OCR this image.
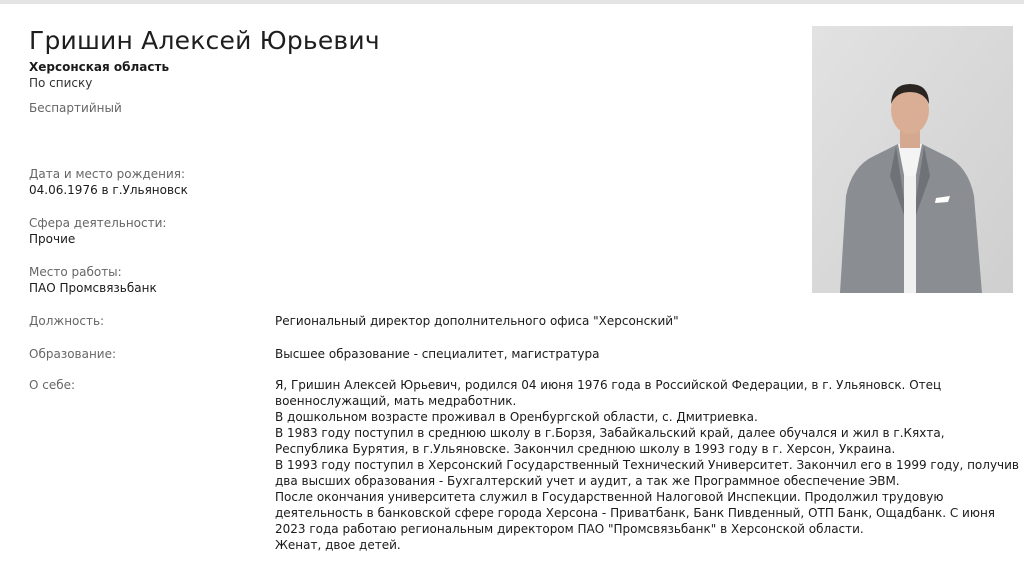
Гришин Алексей Юрьевич
Херсонская область
По списку
Беспартийный
Дата и место рождения:
04.06.1976 в г.Ульяновск
Сфера деятельности:
Прочие
Место работы:
ПАО Промсвязьбанк
Должность:	Региональный директор дополнительного офиса "Херсонский"
Образование:	Высшее образование - специалитет, магистратура
О себе:	Я, Гришин Алексей Юрьевич, родился 04 июня 1976 года в Российской Федерации, в г. Ульяновск. Отец военнослужащий, мать медработник.

В дошкольном возрасте проживал в Оренбургской области, с. Дмитриевка.

В 1983 году поступил в среднюю школу в г.Борзя, Забайкальский край, далее обучался и жил в г.Кяхта, Республика Бурятия, в г.Ульяновске. Закончил среднюю школу в 1993 году в г. Херсон, Украина.

В 1993 году поступил в Херсонский Государственный Технический Университет. Закончил его в 1999 году, получив два высших образования - Бухгалтерский учет и аудит, а так же Программное обеспечение ЭВМ.

После окончания университета служил в Государственной Налоговой Инспекции. Продолжил трудовую деятельность в банковской сфере города Херсона - Приватбанк, Банк Пивденный, ОТП Банк, Ощадбанк. С июня 2023 года работаю региональным директором ПАО "Промсвязьбанк" в Херсонской области.

Женат, двое детей.
